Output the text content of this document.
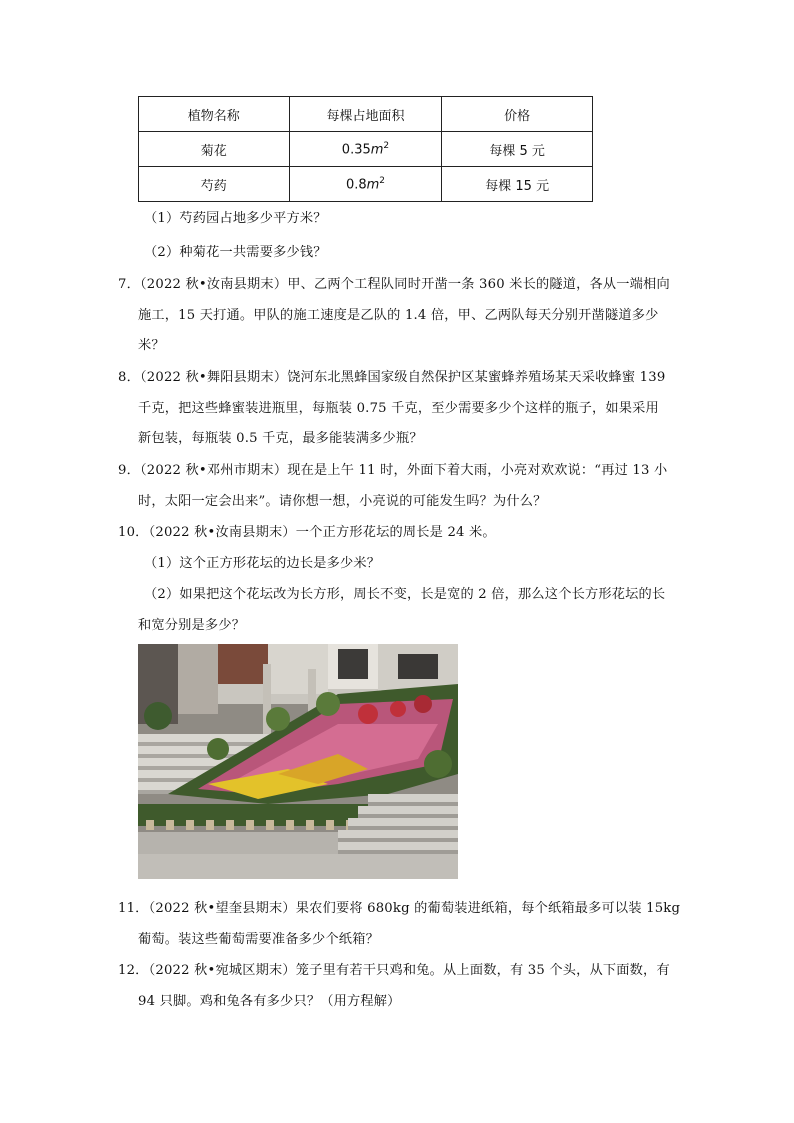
植物名称	每棵占地面积	价格
菊花	$0.35m^2$	每棵 5 元
芍药	$0.8m^2$	每棵 15 元
（1）芍药园占地多少平方米？
（2）种菊花一共需要多少钱？
7．（2022 秋•汝南县期末）甲、乙两个工程队同时开凿一条 360 米长的隧道，各从一端相向
施工，15 天打通。甲队的施工速度是乙队的 1.4 倍，甲、乙两队每天分别开凿隧道多少
米？
8．（2022 秋•舞阳县期末）饶河东北黑蜂国家级自然保护区某蜜蜂养殖场某天采收蜂蜜 139
千克，把这些蜂蜜装进瓶里，每瓶装 0.75 千克，至少需要多少个这样的瓶子，如果采用
新包装，每瓶装 0.5 千克，最多能装满多少瓶？
9．（2022 秋•邓州市期末）现在是上午 11 时，外面下着大雨，小亮对欢欢说：“再过 13 小
时，太阳一定会出来”。请你想一想，小亮说的可能发生吗？为什么？
10．（2022 秋•汝南县期末）一个正方形花坛的周长是 24 米。
（1）这个正方形花坛的边长是多少米？
（2）如果把这个花坛改为长方形，周长不变，长是宽的 2 倍，那么这个长方形花坛的长
和宽分别是多少？
11．（2022 秋•望奎县期末）果农们要将 680kg 的葡萄装进纸箱，每个纸箱最多可以装 15kg
葡萄。装这些葡萄需要准备多少个纸箱？
12．（2022 秋•宛城区期末）笼子里有若干只鸡和兔。从上面数，有 35 个头，从下面数，有
94 只脚。鸡和兔各有多少只？（用方程解）
